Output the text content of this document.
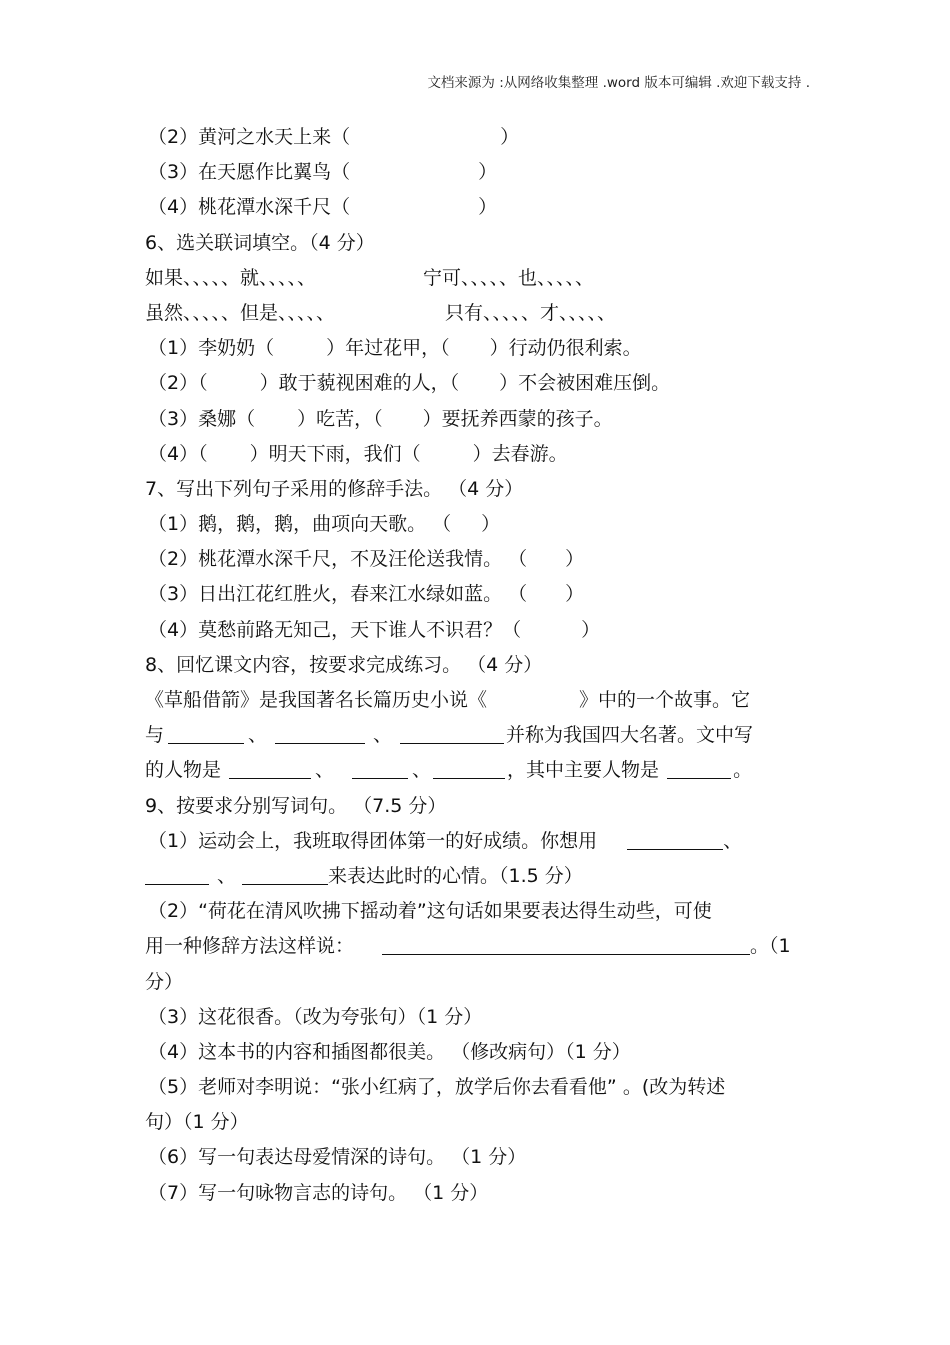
文档来源为 :从网络收集整理 .word 版本可编辑 .欢迎下载支持 .
（2）黄河之水天上来（	）
（3）在天愿作比翼鸟（	）
（4）桃花潭水深千尺（	）
6、选关联词填空。（4 分）
如果、、、、、就、、、、、	宁可、、、、、也、、、、、
虽然、、、、、但是、、、、、	只有、、、、、才、、、、、
（1）李奶奶（	）年过花甲，（ ）行动仍很利索。
（2）（	）敢于藐视困难的人，（ ）不会被困难压倒。
（3）桑娜（ ）吃苦，（ ）要抚养西蒙的孩子。
（4）（ ）明天下雨，我们（	）去春游。
7、写出下列句子采用的修辞手法。 （4 分）
（1）鹅，鹅，鹅，曲项向天歌。 （ ）
（2）桃花潭水深千尺，不及汪伦送我情。 （ ）
（3）日出江花红胜火，春来江水绿如蓝。 （ ）
（4）莫愁前路无知己，天下谁人不识君？（	）
8、回忆课文内容，按要求完成练习。 （4 分）
《草船借箭》是我国著名长篇历史小说《	》中的一个故事。它
与	、	、	并称为我国四大名著。文中写
的人物是	、	、	，其中主要人物是	。
9、按要求分别写词句。 （7.5 分）
（1）运动会上，我班取得团体第一的好成绩。你想用	、
、	来表达此时的心情。（1.5 分）
（2）“荷花在清风吹拂下摇动着”这句话如果要表达得生动些，可使
用一种修辞方法这样说：	。（1
分）
（3）这花很香。（改为夸张句）（1 分）
（4）这本书的内容和插图都很美。 （修改病句）（1 分）
（5）老师对李明说：“张小红病了，放学后你去看看他” 。(改为转述
句）（1 分）
（6）写一句表达母爱情深的诗句。 （1 分）
（7）写一句咏物言志的诗句。 （1 分）
